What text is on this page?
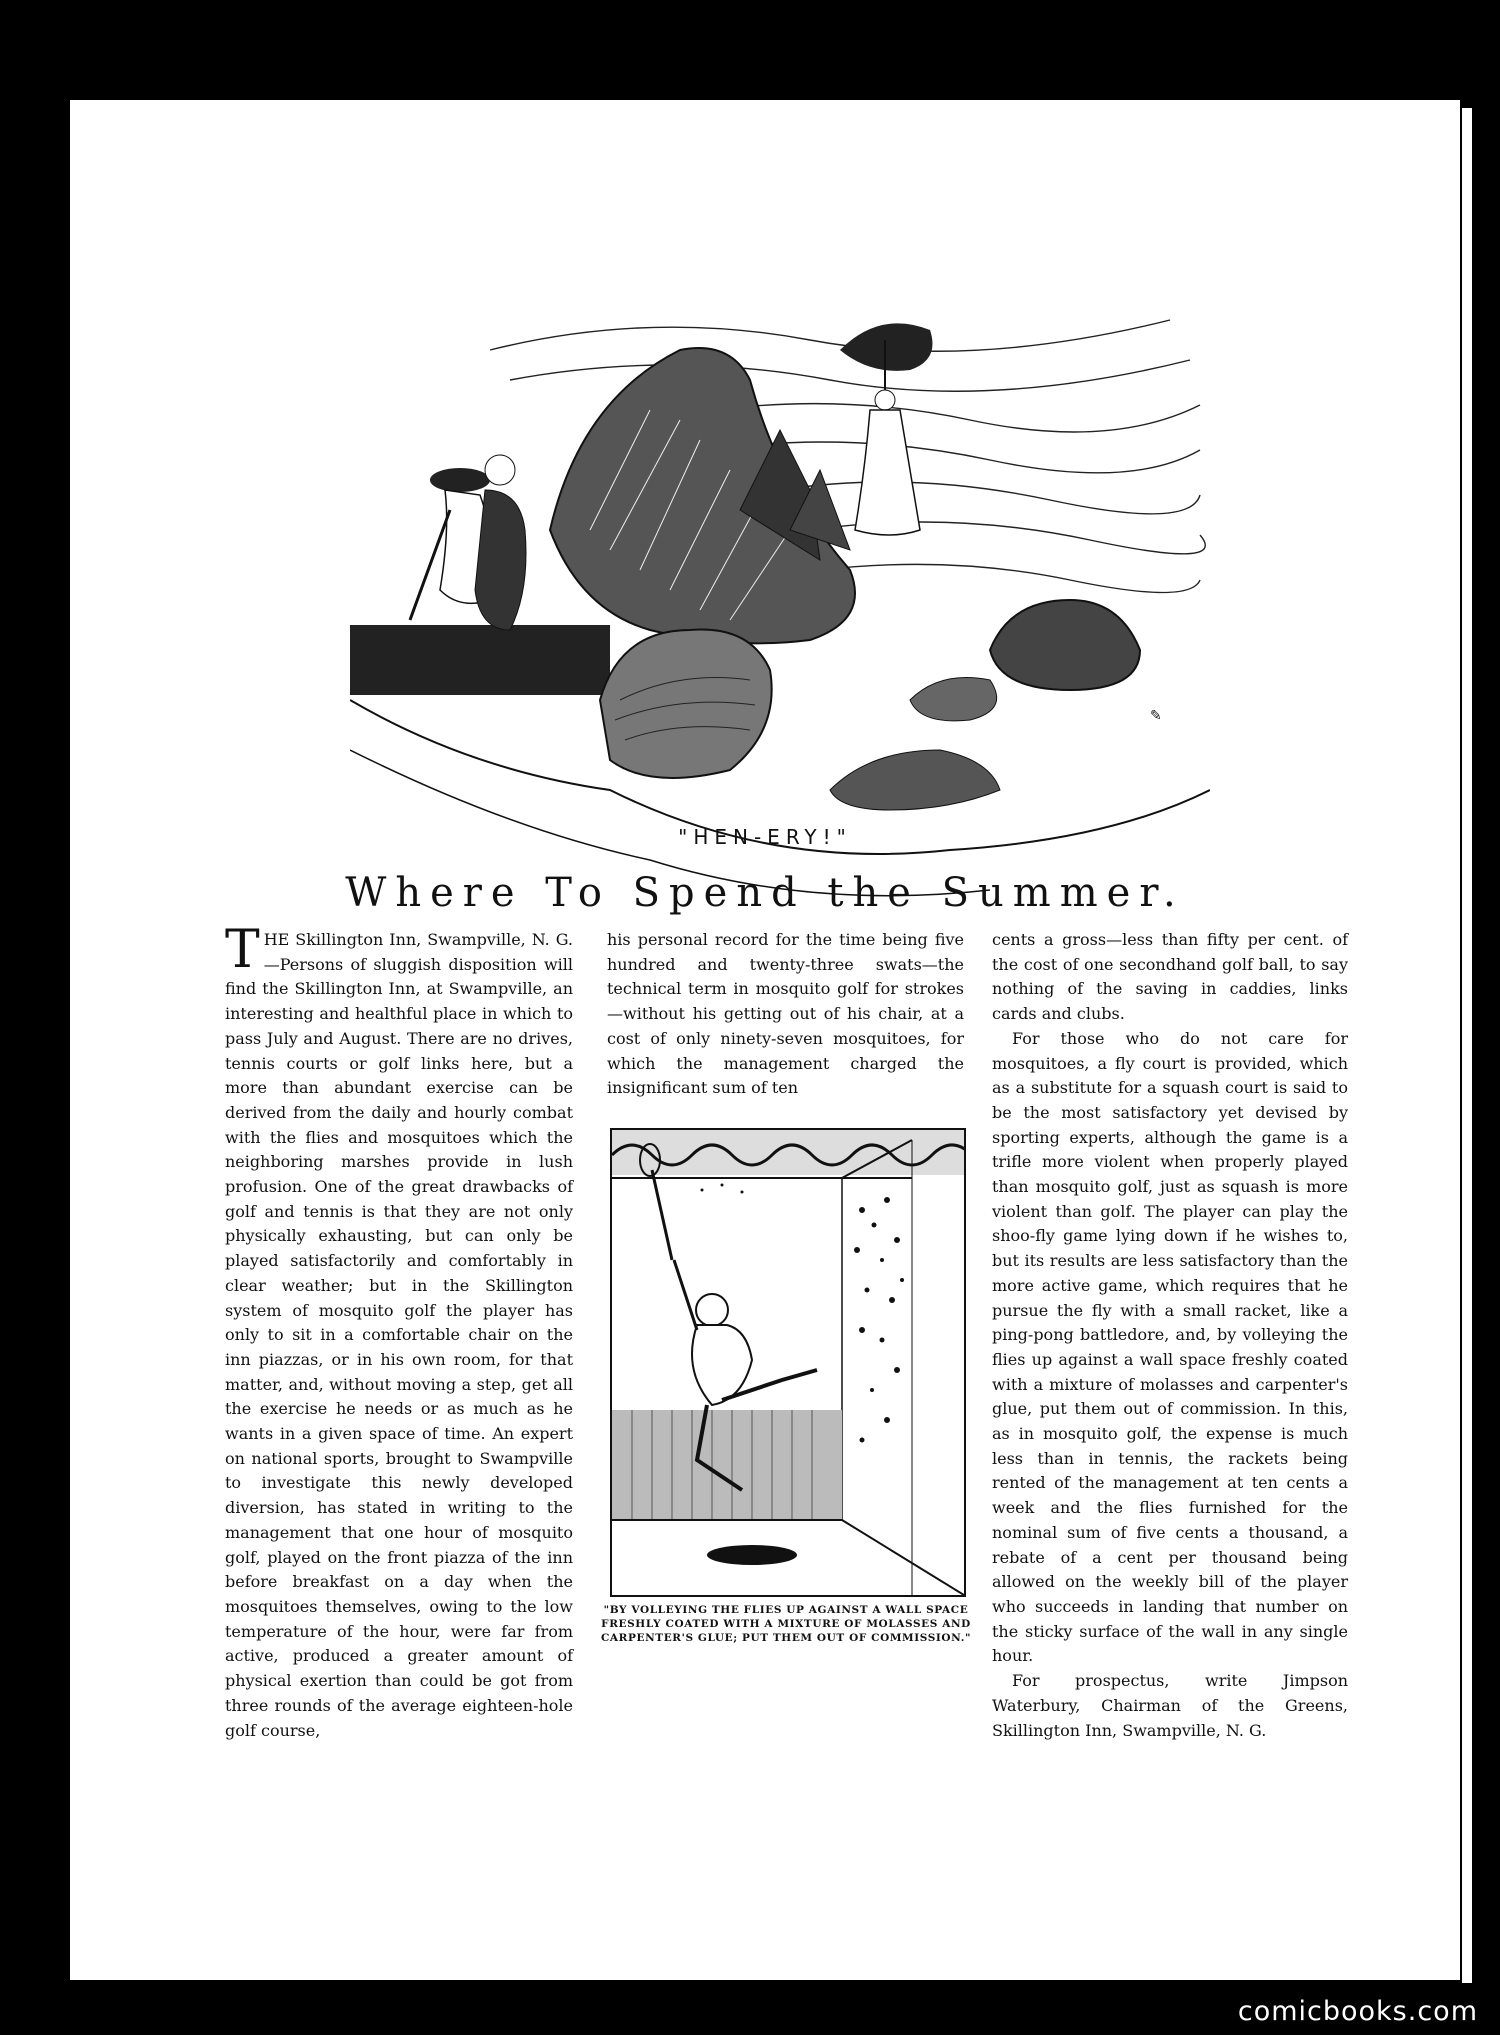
✎
"HEN-ERY!"
Where To Spend the Summer.

THE Skillington Inn, Swampville, N. G.—Persons of sluggish disposition will find the Skillington Inn, at Swampville, an interesting and healthful place in which to pass July and August. There are no drives, tennis courts or golf links here, but a more than abundant exercise can be derived from the daily and hourly combat with the flies and mosquitoes which the neighboring marshes provide in lush profusion. One of the great drawbacks of golf and tennis is that they are not only physically exhausting, but can only be played satisfactorily and comfortably in clear weather; but in the Skillington system of mosquito golf the player has only to sit in a comfortable chair on the inn piazzas, or in his own room, for that matter, and, without moving a step, get all the exercise he needs or as much as he wants in a given space of time. An expert on national sports, brought to Swampville to investigate this newly developed diversion, has stated in writing to the management that one hour of mosquito golf, played on the front piazza of the inn before breakfast on a day when the mosquitoes themselves, owing to the low temperature of the hour, were far from active, produced a greater amount of physical exertion than could be got from three rounds of the average eighteen-hole golf course,

his personal record for the time being five hundred and twenty-three swats—the technical term in mosquito golf for strokes—without his getting out of his chair, at a cost of only ninety-seven mosquitoes, for which the management charged the insignificant sum of ten

"BY VOLLEYING THE FLIES UP AGAINST A WALL SPACE FRESHLY COATED WITH A MIXTURE OF MOLASSES AND CARPENTER'S GLUE; PUT THEM OUT OF COMMISSION."

cents a gross—less than fifty per cent. of the cost of one secondhand golf ball, to say nothing of the saving in caddies, links cards and clubs.

For those who do not care for mosquitoes, a fly court is provided, which as a substitute for a squash court is said to be the most satisfactory yet devised by sporting experts, although the game is a trifle more violent when properly played than mosquito golf, just as squash is more violent than golf. The player can play the shoo-fly game lying down if he wishes to, but its results are less satisfactory than the more active game, which requires that he pursue the fly with a small racket, like a ping-pong battledore, and, by volleying the flies up against a wall space freshly coated with a mixture of molasses and carpenter's glue, put them out of commission. In this, as in mosquito golf, the expense is much less than in tennis, the rackets being rented of the management at ten cents a week and the flies furnished for the nominal sum of five cents a thousand, a rebate of a cent per thousand being allowed on the weekly bill of the player who succeeds in landing that number on the sticky surface of the wall in any single hour.

For prospectus, write Jimpson Waterbury, Chairman of the Greens, Skillington Inn, Swampville, N. G.

comicbooks.com
